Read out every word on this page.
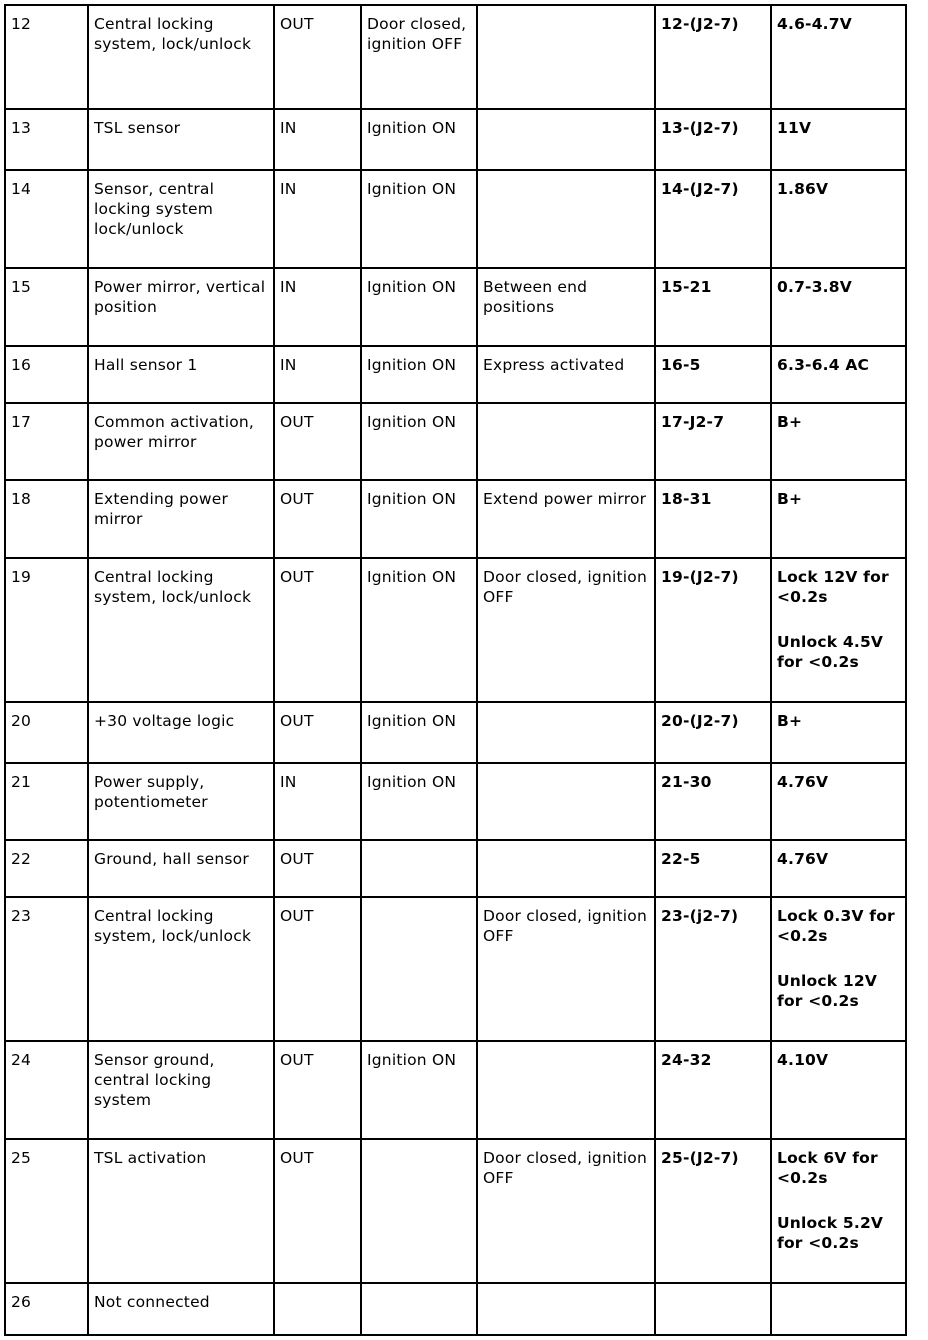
12	Central locking system, lock/unlock	OUT	Door closed, ignition OFF		12-(J2-7)	4.6-4.7V

13	TSL sensor	IN	Ignition ON		13-(J2-7)	11V

14	Sensor, central locking system lock/unlock	IN	Ignition ON		14-(J2-7)	1.86V

15	Power mirror, vertical position	IN	Ignition ON	Between end positions	15-21	0.7-3.8V

16	Hall sensor 1	IN	Ignition ON	Express activated	16-5	6.3-6.4 AC

17	Common activation, power mirror	OUT	Ignition ON		17-J2-7	B+

18	Extending power mirror	OUT	Ignition ON	Extend power mirror	18-31	B+

19	Central locking system, lock/unlock	OUT	Ignition ON	Door closed, ignition OFF	19-(J2-7)	Lock 12V for <0.2s
Unlock 4.5V for <0.2s

20	+30 voltage logic	OUT	Ignition ON		20-(J2-7)	B+

21	Power supply, potentiometer	IN	Ignition ON		21-30	4.76V

22	Ground, hall sensor	OUT			22-5	4.76V

23	Central locking system, lock/unlock	OUT		Door closed, ignition OFF	23-(j2-7)	Lock 0.3V for <0.2s
Unlock 12V for <0.2s

24	Sensor ground, central locking system	OUT	Ignition ON		24-32	4.10V

25	TSL activation	OUT		Door closed, ignition OFF	25-(J2-7)	Lock 6V for <0.2s
Unlock 5.2V for <0.2s

26	Not connected					
